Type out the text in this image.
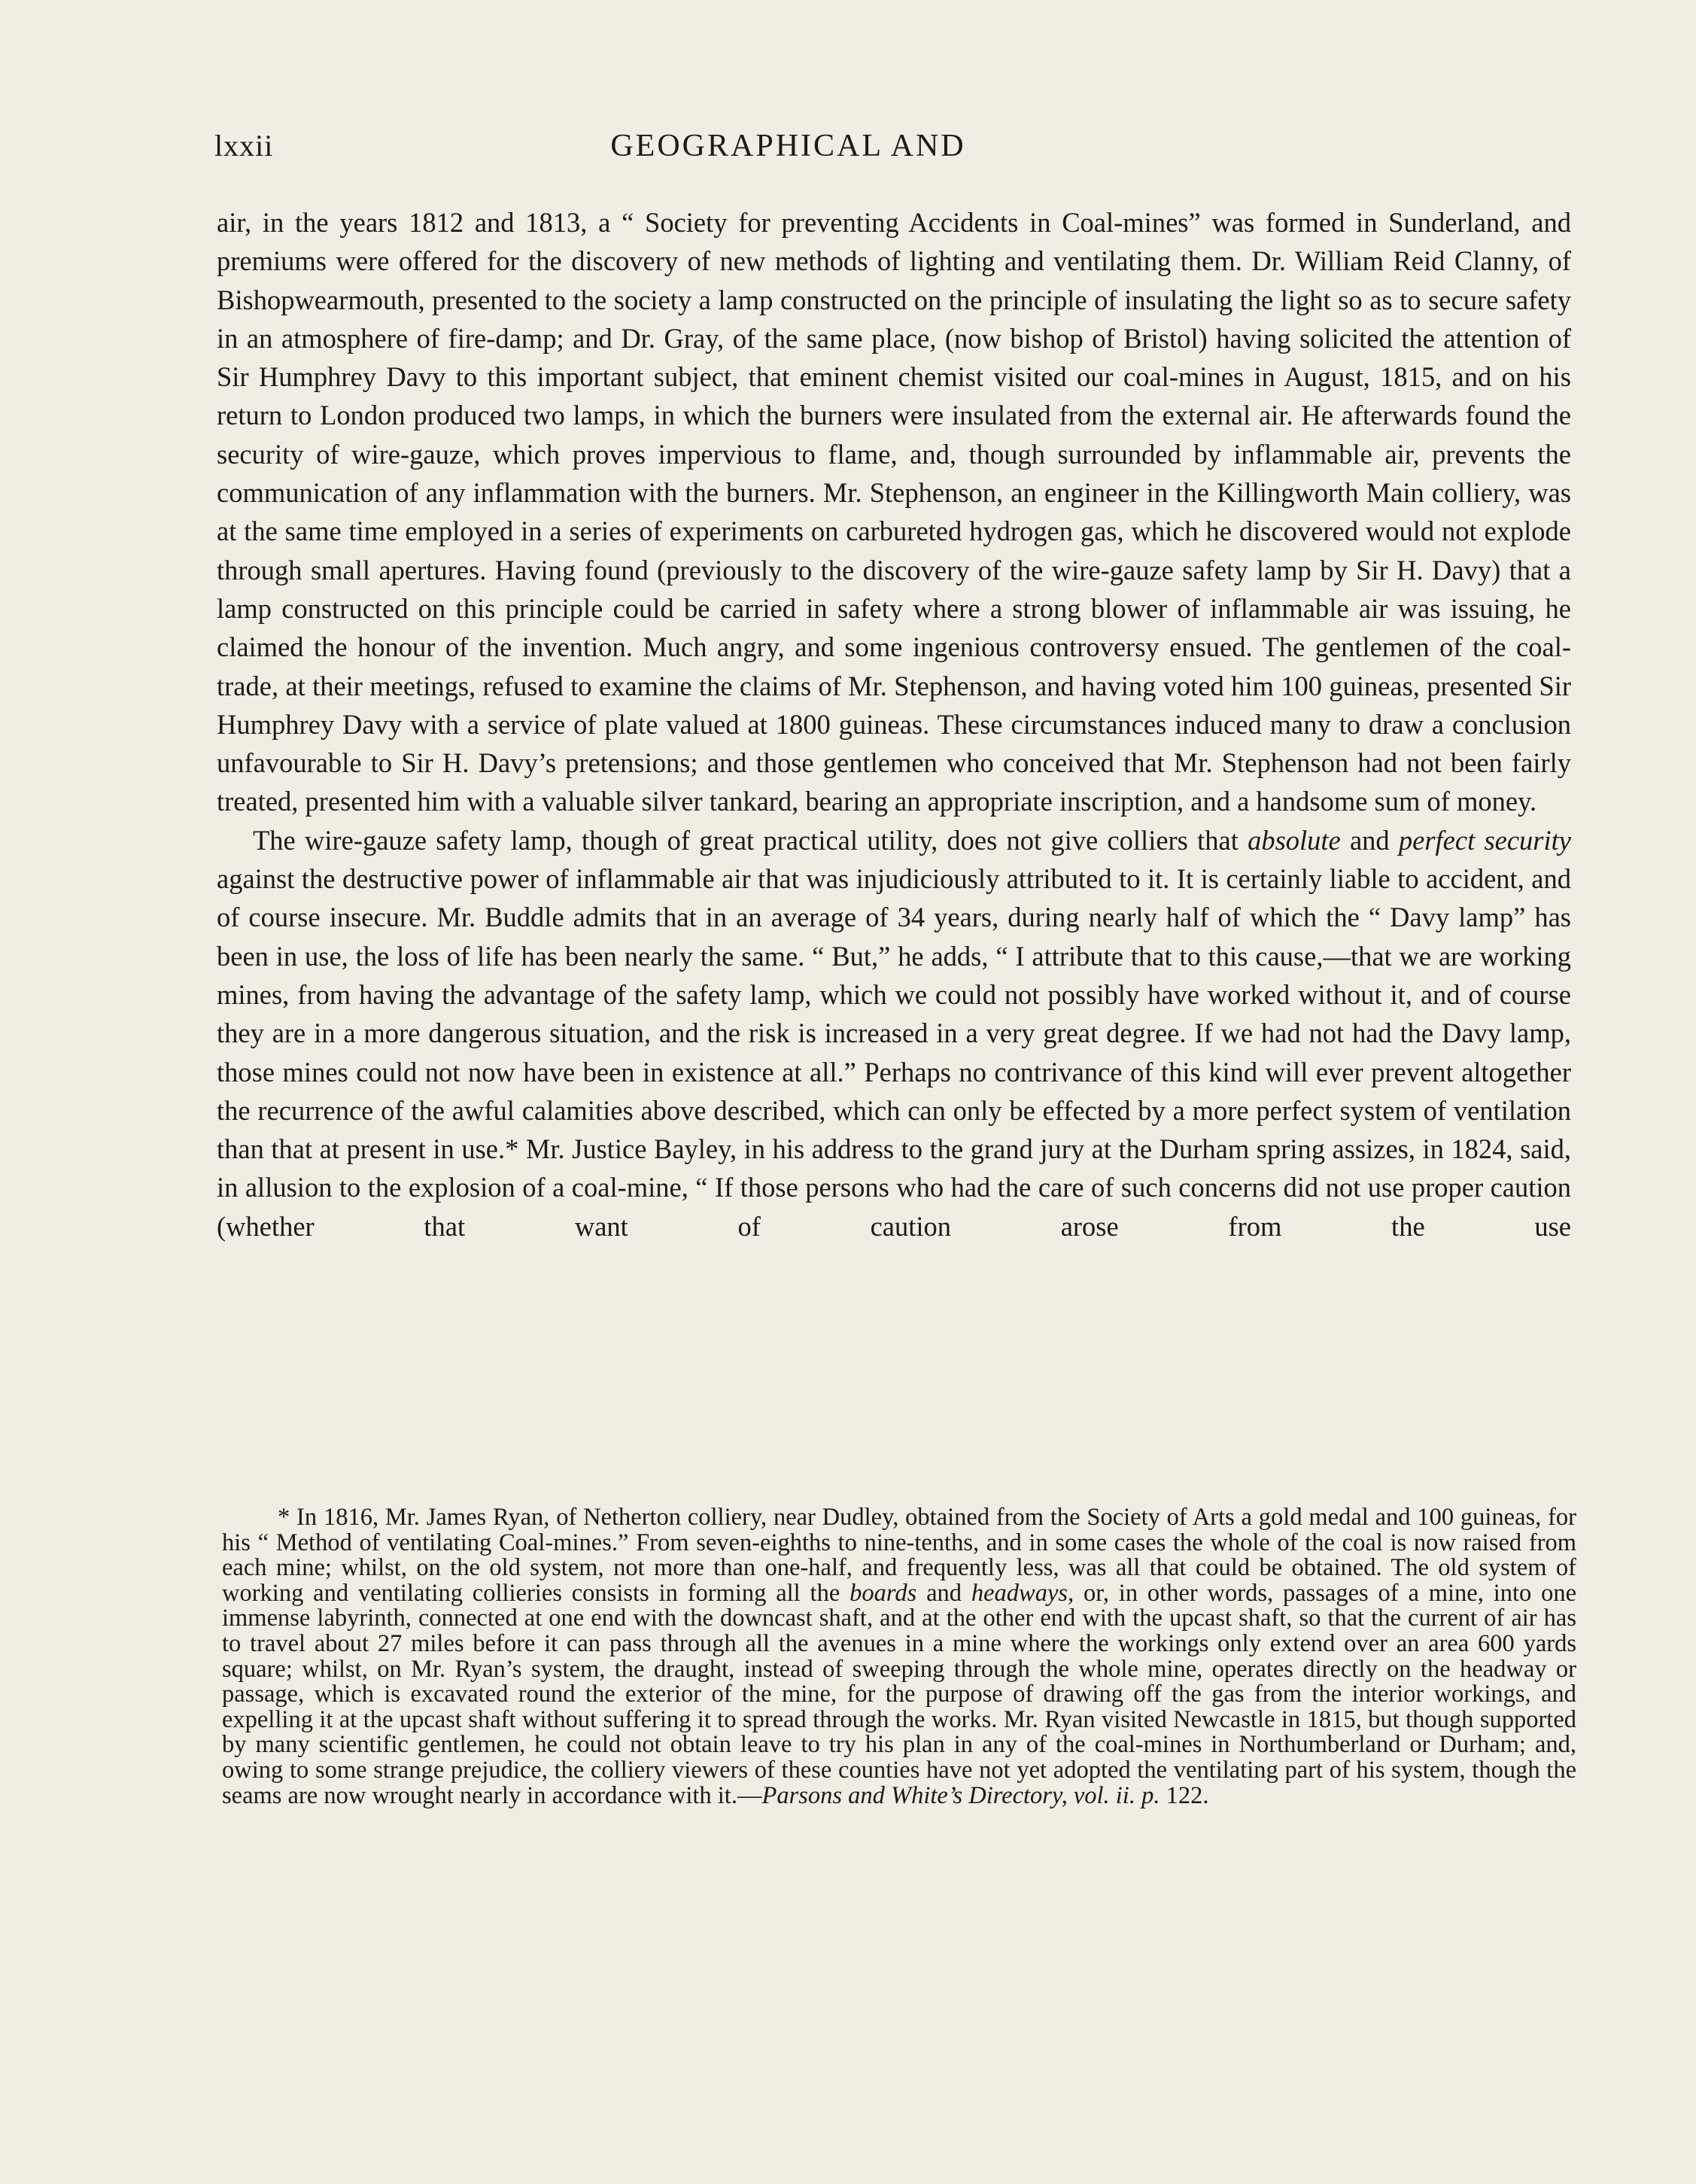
lxxii	GEOGRAPHICAL AND

air, in the years 1812 and 1813, a “ Society for preventing Accidents in Coal-mines” was formed in Sunderland, and premiums were offered for the discovery of new methods of lighting and ventilating them. Dr. William Reid Clanny, of Bishopwearmouth, presented to the society a lamp constructed on the principle of insulating the light so as to secure safety in an atmosphere of fire-damp; and Dr. Gray, of the same place, (now bishop of Bristol) having solicited the attention of Sir Humphrey Davy to this important subject, that eminent chemist visited our coal-mines in August, 1815, and on his return to London produced two lamps, in which the burners were insulated from the external air. He afterwards found the security of wire-gauze, which proves impervious to flame, and, though surrounded by inflammable air, prevents the communication of any inflammation with the burners. Mr. Stephenson, an engineer in the Killingworth Main colliery, was at the same time employed in a series of experiments on carbureted hydrogen gas, which he discovered would not explode through small apertures. Having found (previously to the discovery of the wire-gauze safety lamp by Sir H. Davy) that a lamp constructed on this principle could be carried in safety where a strong blower of inflammable air was issuing, he claimed the honour of the invention. Much angry, and some ingenious controversy ensued. The gentlemen of the coal-trade, at their meetings, refused to examine the claims of Mr. Stephenson, and having voted him 100 guineas, presented Sir Humphrey Davy with a service of plate valued at 1800 guineas. These circumstances induced many to draw a conclusion unfavourable to Sir H. Davy’s pretensions; and those gentlemen who conceived that Mr. Stephenson had not been fairly treated, presented him with a valuable silver tankard, bearing an appropriate inscription, and a handsome sum of money.

The wire-gauze safety lamp, though of great practical utility, does not give colliers that absolute and perfect security against the destructive power of inflammable air that was injudiciously attributed to it. It is certainly liable to accident, and of course insecure. Mr. Buddle admits that in an average of 34 years, during nearly half of which the “ Davy lamp” has been in use, the loss of life has been nearly the same. “ But,” he adds, “ I attribute that to this cause,—that we are working mines, from having the advantage of the safety lamp, which we could not possibly have worked without it, and of course they are in a more dangerous situation, and the risk is increased in a very great degree. If we had not had the Davy lamp, those mines could not now have been in existence at all.” Perhaps no contrivance of this kind will ever prevent altogether the recurrence of the awful calamities above described, which can only be effected by a more perfect system of ventilation than that at present in use.* Mr. Justice Bayley, in his address to the grand jury at the Durham spring assizes, in 1824, said, in allusion to the explosion of a coal-mine, “ If those persons who had the care of such concerns did not use proper caution (whether that want of caution arose from the use

* In 1816, Mr. James Ryan, of Netherton colliery, near Dudley, obtained from the Society of Arts a gold medal and 100 guineas, for his “ Method of ventilating Coal-mines.” From seven-eighths to nine-tenths, and in some cases the whole of the coal is now raised from each mine; whilst, on the old system, not more than one-half, and frequently less, was all that could be obtained. The old system of working and ventilating collieries consists in forming all the boards and headways, or, in other words, passages of a mine, into one immense labyrinth, connected at one end with the downcast shaft, and at the other end with the upcast shaft, so that the current of air has to travel about 27 miles before it can pass through all the avenues in a mine where the workings only extend over an area 600 yards square; whilst, on Mr. Ryan’s system, the draught, instead of sweeping through the whole mine, operates directly on the headway or passage, which is excavated round the exterior of the mine, for the purpose of drawing off the gas from the interior workings, and expelling it at the upcast shaft without suffering it to spread through the works. Mr. Ryan visited Newcastle in 1815, but though supported by many scientific gentlemen, he could not obtain leave to try his plan in any of the coal-mines in Northumberland or Durham; and, owing to some strange prejudice, the colliery viewers of these counties have not yet adopted the ventilating part of his system, though the seams are now wrought nearly in accordance with it.—Parsons and White’s Directory, vol. ii. p. 122.
